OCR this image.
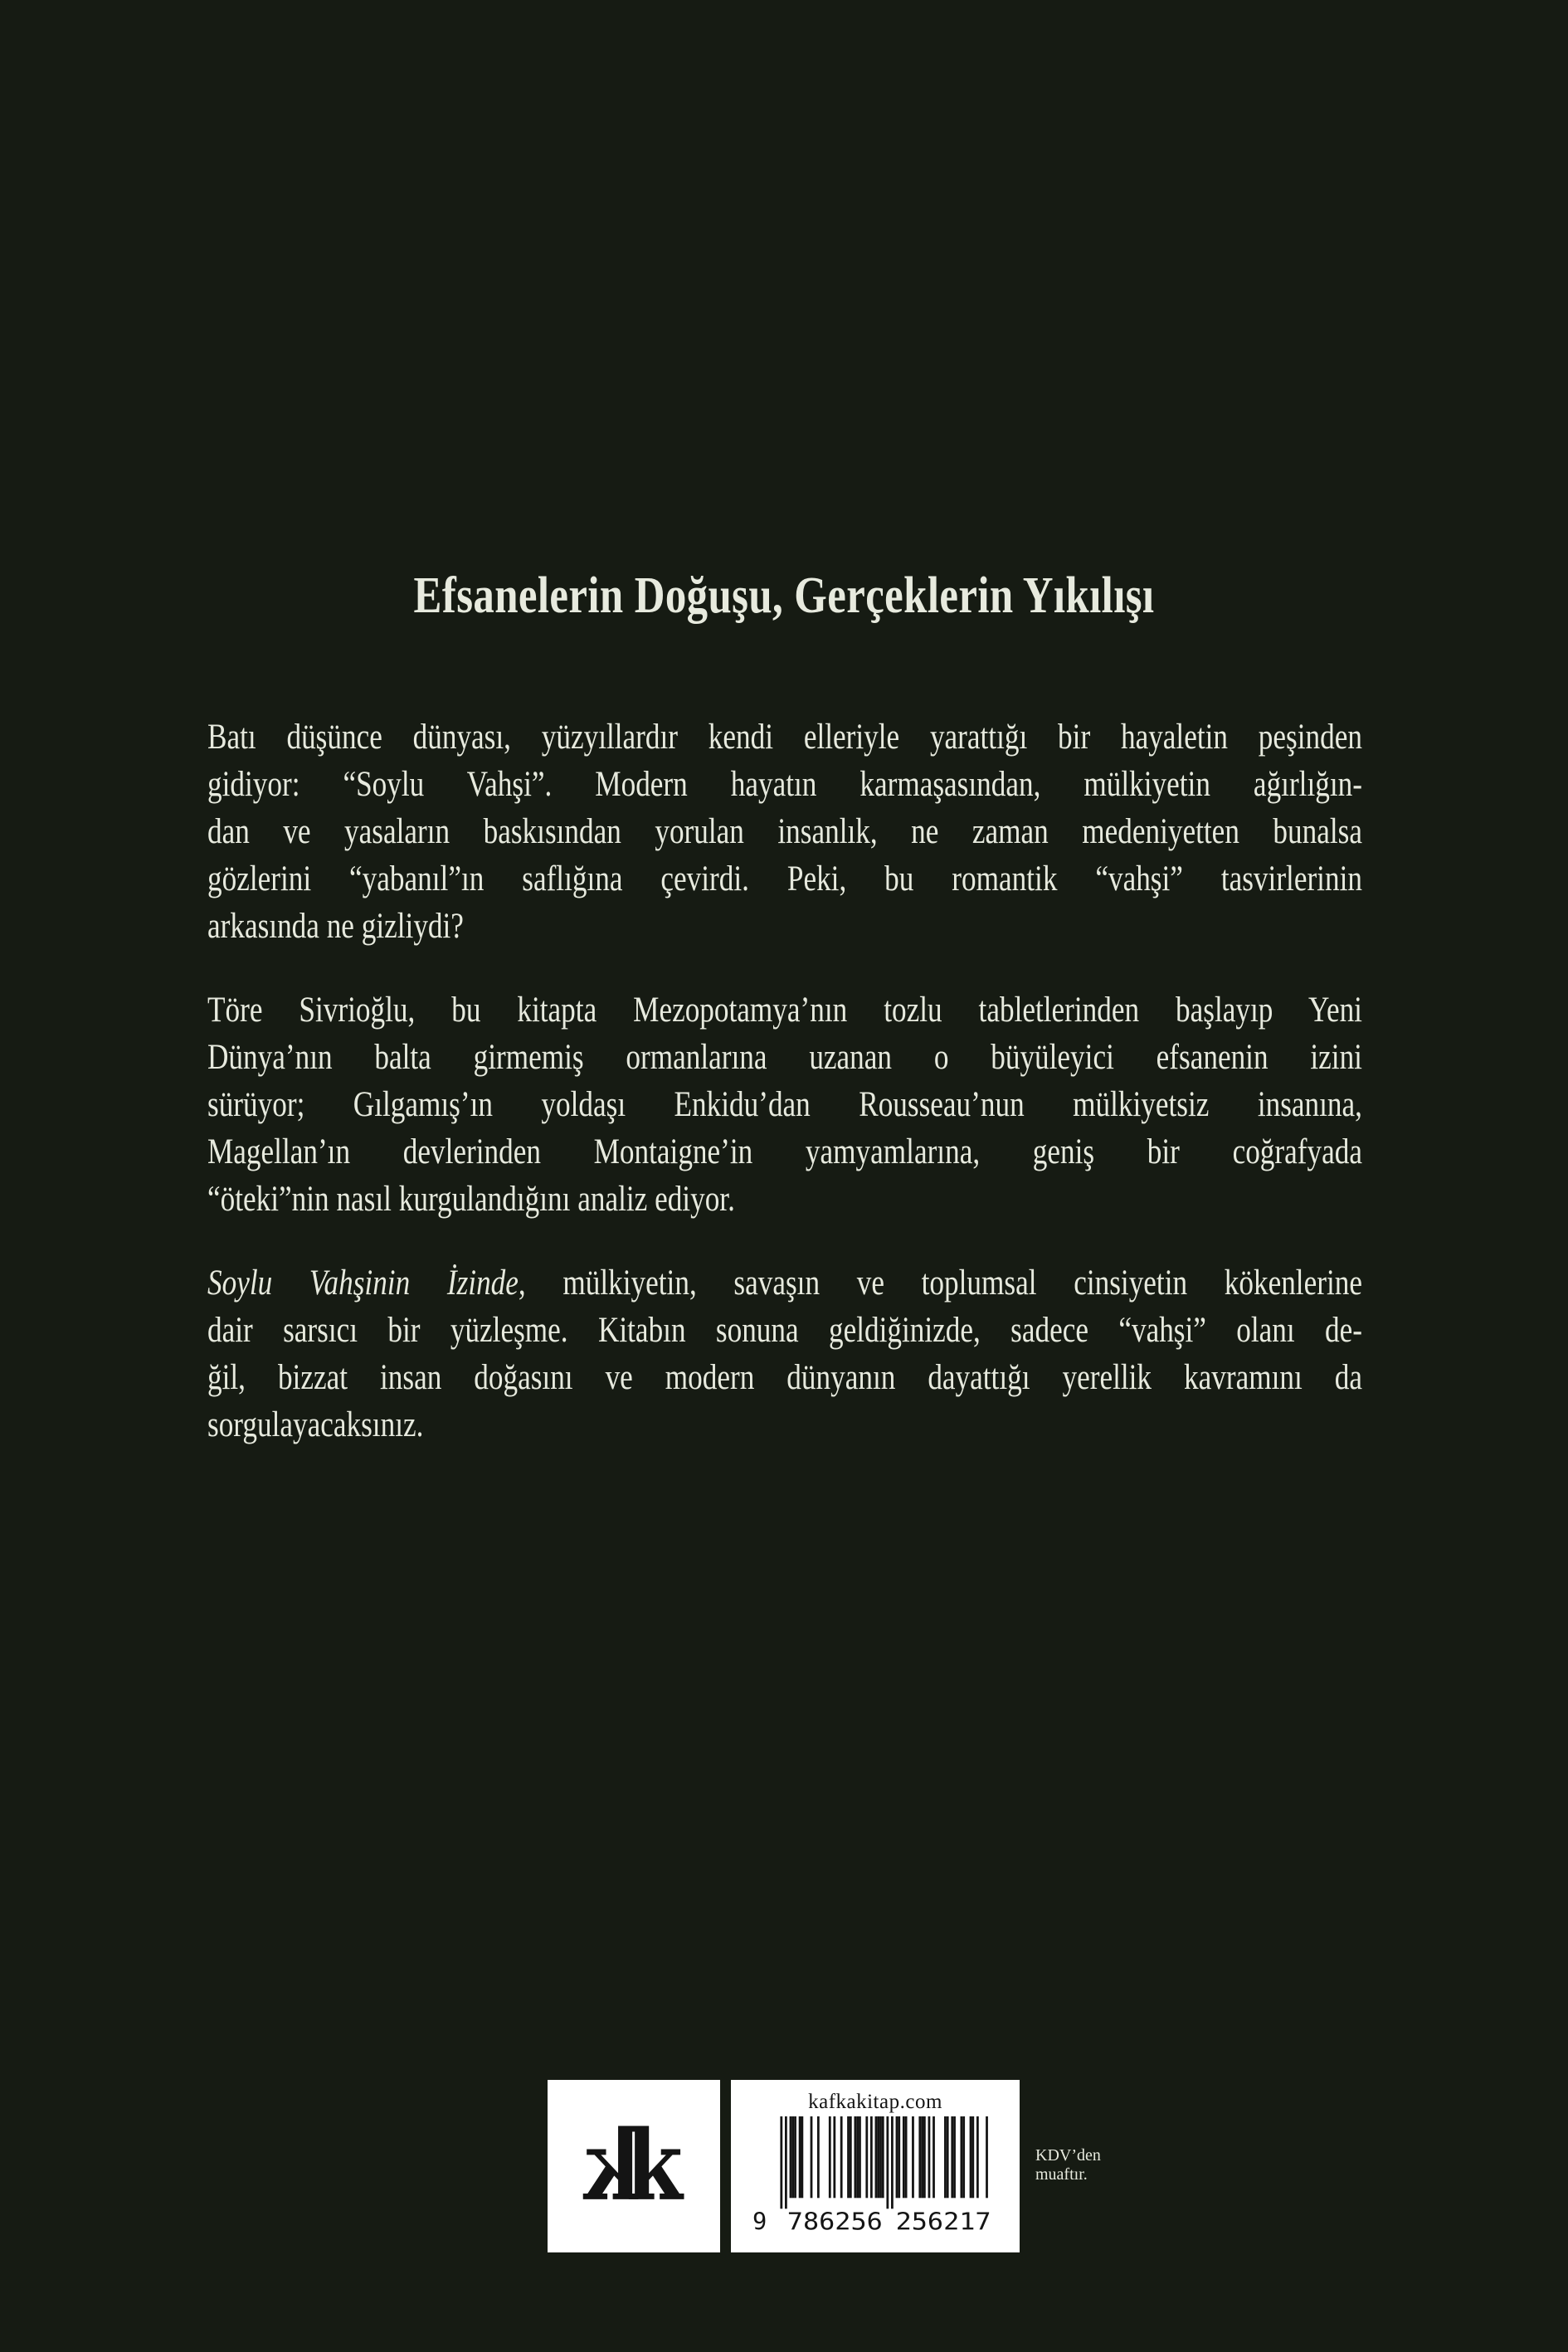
Efsanelerin Doğuşu, Gerçeklerin Yıkılışı
Batı düşünce dünyası, yüzyıllardır kendi elleriyle yarattığı bir hayaletin peşinden
gidiyor: “Soylu Vahşi”. Modern hayatın karmaşasından, mülkiyetin ağırlığın-
dan ve yasaların baskısından yorulan insanlık, ne zaman medeniyetten bunalsa
gözlerini “yabanıl”ın saflığına çevirdi. Peki, bu romantik “vahşi” tasvirlerinin
arkasında ne gizliydi?
Töre Sivrioğlu, bu kitapta Mezopotamya’nın tozlu tabletlerinden başlayıp Yeni
Dünya’nın balta girmemiş ormanlarına uzanan o büyüleyici efsanenin izini
sürüyor; Gılgamış’ın yoldaşı Enkidu’dan Rousseau’nun mülkiyetsiz insanına,
Magellan’ın devlerinden Montaigne’in yamyamlarına, geniş bir coğrafyada
“öteki”nin nasıl kurgulandığını analiz ediyor.
Soylu Vahşinin İzinde, mülkiyetin, savaşın ve toplumsal cinsiyetin kökenlerine
dair sarsıcı bir yüzleşme. Kitabın sonuna geldiğinizde, sadece “vahşi” olanı de-
ğil, bizzat insan doğasını ve modern dünyanın dayattığı yerellik kavramını da
sorgulayacaksınız.
k
k
kafkakitap.com
9 786256 256217
KDV’den
muaftır.
